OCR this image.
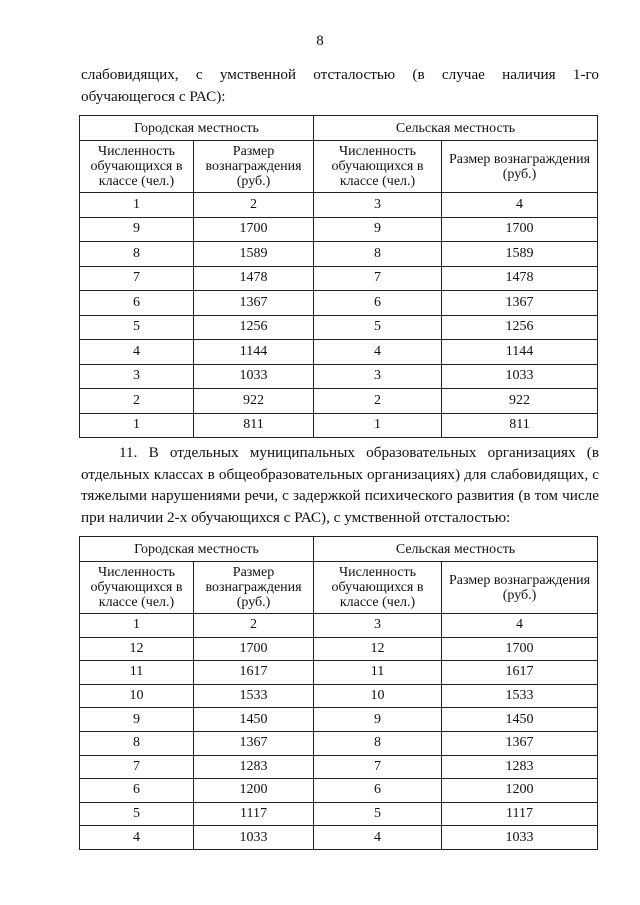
8
слабовидящих, с умственной отсталостью (в случае наличия 1-го обучающегося с РАС):
Городская местность		Сельская местность	
Численность обучающихся в классе (чел.)	Размер вознаграждения (руб.)	Численность обучающихся в классе (чел.)	Размер вознаграждения (руб.)
1	2	3	4
9	1700	9	1700
8	1589	8	1589
7	1478	7	1478
6	1367	6	1367
5	1256	5	1256
4	1144	4	1144
3	1033	3	1033
2	922	2	922
1	811	1	811
11. В отдельных муниципальных образовательных организациях (в отдельных классах в общеобразовательных организациях) для слабовидящих, с тяжелыми нарушениями речи, с задержкой психического развития (в том числе при наличии 2-х обучающихся с РАС), с умственной отсталостью:
Городская местность		Сельская местность	
Численность обучающихся в классе (чел.)	Размер вознаграждения (руб.)	Численность обучающихся в классе (чел.)	Размер вознаграждения (руб.)
1	2	3	4
12	1700	12	1700
11	1617	11	1617
10	1533	10	1533
9	1450	9	1450
8	1367	8	1367
7	1283	7	1283
6	1200	6	1200
5	1117	5	1117
4	1033	4	1033
